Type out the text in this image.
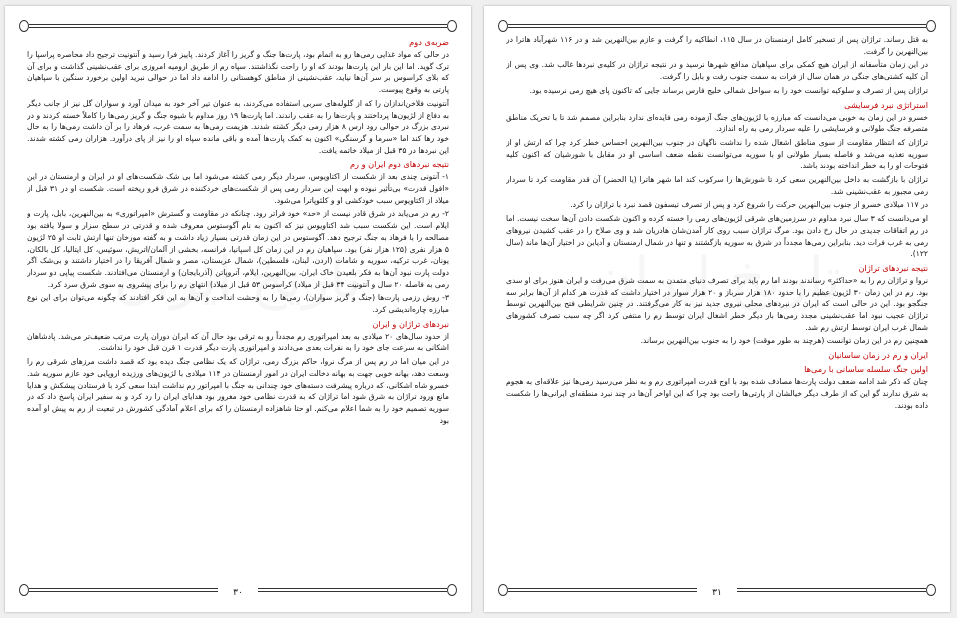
ضربه‌ی دوم

در حالی که مواد غذایی رمی‌ها رو به اتمام بود، پارت‌ها جنگ و گریز را آغاز کردند. پاییز فرا رسید و آنتونیت ترجیح داد محاصره پراسپا را ترک گوید. اما این بار این پارت‌ها بودند که او را راحت نگذاشتند. سپاه رم از طریق ارومیه امروزی برای عقب‌نشینی گذاشت و برای آن که بلای کراسوس بر سر آن‌ها نیاید، عقب‌نشینی از مناطق کوهستانی را ادامه داد اما در حوالی نبرید اولین برخورد سنگین با سپاهیان پارتی به وقوع پیوست.

آنتونیت فلاخن‌اندازان را که از گلوله‌های سربی استفاده می‌کردند، به عنوان تیر آخر خود به میدان آورد و سواران گل نیز از جانب دیگر به دفاع از لژیون‌ها پرداختند و پارت‌ها را به عقب راندند. اما پارت‌ها ۱۹ روز مداوم با شیوه جنگ و گریز رمی‌ها را کاملاً خسته کردند و در نبردی بزرگ در حوالی رود ارس ۸ هزار رمی دیگر کشته شدند. هزیمت رمی‌ها به سمت غرب، فرهاد را بر آن داشت رمی‌ها را به حال خود رها کند اما «سرما و گرسنگی» اکنون به کمک پارت‌ها آمده و باقی مانده سپاه او را نیز از پای درآورد. هزاران رمی کشته شدند. این نبردها در ۳۵ قبل از میلاد خاتمه یافت.

نتیجه نبردهای دوم ایران و رم

۱- آنتونی چندی بعد از شکست از اکتاویوس، سردار دیگر رمی کشته می‌شود اما بی شک شکست‌های او در ایران و ارمنستان در این «افول قدرت» بی‌تأثیر نبوده و ابهت این سردار رمی پس از شکست‌های خردکننده در شرق فرو ریخته است. شکست او در ۳۱ قبل از میلاد از اکتاویوس سبب خودکشی او و کلئوپاترا می‌شود.

۲- رم در می‌یابد در شرق قادر نیست از «حد» خود فراتر رود. چنانکه در مقاومت و گسترش «امپراتوری» به بین‌النهرین، بابل، پارت و ایلام است. این شکست سبب شد اکتاویوس نیز که اکنون به نام آگوستوس معروف شده و قدرتی در سطح سزار و سولا یافته بود مصالحه را با فرهاد به جنگ ترجیح دهد. آگوستوس در این زمان قدرتی بسیار زیاد داشت و به گفته مورخان تنها ارتش ثابت او ۲۵ لژیون ۵ هزار نفری (۱۲۵ هزار نفر) بود. سپاهیان رم در این زمان کل اسپانیا، فرانسه، بخشی از آلمان/اتریش، سوئیس، کل ایتالیا، کل بالکان، یونان، غرب ترکیه، سوریه و شامات (اردن، لبنان، فلسطین)، شمال عربستان، مصر و شمال آفریقا را در اختیار داشتند و بی‌شک اگر دولت پارت نبود آن‌ها به فکر بلعیدن خاک ایران، بین‌النهرین، ایلام، آتروپاتن (آذربایجان) و ارمنستان می‌افتادند. شکست پیاپی دو سردار رمی به فاصله ۲۰ سال و آنتونیت ۳۴ قبل از میلاد) کراسوس ۵۳ قبل از میلاد) انتهای رم را برای پیشروی به سوی شرق سرد کرد.

۳- روش رزمی پارت‌ها (جنگ و گریز سواران)، رمی‌ها را به وحشت انداخت و آن‌ها به این فکر افتادند که چگونه می‌توان برای این نوع مبارزه چاره‌اندیشی کرد.

نبردهای تراژان و ایران

از حدود سال‌های ۲۰ میلادی به بعد امپراتوری رم مجدداً رو به ترقی بود حال آن که ایران دوران پارت مرتب ضعیف‌تر می‌شد. پادشاهان اشکانی به سرعت جای خود را به نفرات بعدی می‌دادند و امپراتوری پارت دیگر قدرت ۱ قرن قبل خود را نداشت.

در این میان اما در رم پس از مرگ نروا، حاکم بزرگ رمی، تراژان که یک نظامی جنگ دیده بود که قصد داشت مرزهای شرقی رم را وسعت دهد، بهانه خوبی جهت به بهانه دخالت ایران در امور ارمنستان در ۱۱۴ میلادی با لژیون‌های ورزیده اروپایی خود عازم سوریه شد. خسرو شاه اشکانی، که درباره پیشرفت دسته‌های خود چندانی به جنگ با امپراتور رم نداشت ابتدا سعی کرد با فرستادن پیشکش و هدایا مانع ورود تراژان به شرق شود اما تراژان که به قدرت نظامی خود مغرور بود هدایای ایران را رد کرد و به سفیر ایران پاسخ داد که در سوریه تصمیم خود را به شما اعلام می‌کنم. او حتا شاهزاده ارمنستان را که برای اعلام آمادگی کشورش در تبعیت از رم به پیش او آمده بود

۳۰

به قتل رساند. تراژان پس از تسخیر کامل ارمنستان در سال ۱۱۵، انطاکیه را گرفت و عازم بین‌النهرین شد و در ۱۱۶ شهرآباد هاترا در بین‌النهرین را گرفت.

در این زمان متأسفانه از ایران هیچ کمکی برای سپاهیان مدافع شهرها نرسید و در نتیجه تراژان در کلیه‌ی نبردها غالب شد. وی پس از آن کلیه کشتی‌های جنگی در همان سال از فرات به سمت جنوب رفت و بابل را گرفت.

تراژان پس از تصرف و سلوکیه توانست خود را به سواحل شمالی خلیج فارس برساند جایی که تاکنون پای هیچ رمی نرسیده بود.

استراتژی نبرد فرسایشی

خسرو در این زمان به خوبی می‌دانست که مبارزه با لژیون‌های جنگ آزموده رمی فایده‌ای ندارد بنابراین مصمم شد تا با تحریک مناطق متصرفه جنگ طولانی و فرسایشی را علیه سردار رمی به راه اندازد.

تراژان که انتظار مقاومت از سوی مناطق اشغال شده را نداشت ناگهان در جنوب بین‌النهرین احساس خطر کرد چرا که ارتش او از سوریه تغذیه می‌شد و فاصله بسیار طولانی او با سوریه می‌توانست نقطه ضعف اساسی او در مقابل با شورشیان که اکنون کلیه فتوحات او را به خطر انداخته بودند باشد.

تراژان با بازگشت به داخل بین‌النهرین سعی کرد تا شورش‌ها را سرکوب کند اما شهر هاترا (یا الحضر) آن قدر مقاومت کرد تا سردار رمی مجبور به عقب‌نشینی شد.

در ۱۱۷ میلادی خسرو از جنوب بین‌النهرین حرکت را شروع کرد و پس از تصرف تیسفون قصد نبرد با تراژان را کرد.

او می‌دانست که ۳ سال نبرد مداوم در سرزمین‌های شرقی لژیون‌های رمی را خسته کرده و اکنون شکست دادن آن‌ها سخت نیست. اما در رم اتفاقات جدیدی در حال رخ دادن بود. مرگ تراژان سبب روی کار آمدن‌شان هادریان شد و وی صلاح را در عقب کشیدن نیروهای رمی به غرب فرات دید. بنابراین رمی‌ها مجدداً در شرق به سوریه بازگشتند و تنها در شمال ارمنستان و آدیابن در اختیار آن‌ها ماند (سال ۱۲۲).

نتیجه نبردهای تراژان

نروا و تراژان رم را به «حداکثر» رساندند بودند اما رم باید برای تصرف دنیای متمدن به سمت شرق می‌رفت و ایران هنوز برای او سدی بود. رم در این زمان ۳۰ لژیون عظیم را با حدود ۱۸۰ هزار سرباز و ۲۰ هزار سوار در اختیار داشت که قدرت هر کدام از آن‌ها برابر سه جنگجو بود. این در حالی است که ایران در نبردهای محلی نیروی جدید نیز به کار می‌گرفتند. در چنین شرایطی فتح بین‌النهرین توسط تراژان عجیب نبود اما عقب‌نشینی مجدد رمی‌ها بار دیگر خطر اشغال ایران توسط رم را منتفی کرد اگر چه سبب تصرف کشورهای شمال غرب ایران توسط ارتش رم شد.

همچنین رم در این زمان توانست (هرچند به طور موقت) خود را به جنوب بین‌النهرین برساند.

ایران و رم در زمان ساسانیان
اولین جنگ سلسله ساسانی با رمی‌ها

چنان که ذکر شد ادامه ضعف دولت پارت‌ها مصادف شده بود با اوج قدرت امپراتوری رم و به نظر می‌رسید رمی‌ها نیز علاقه‌ای به هجوم به شرق ندارند گو این که از طرف دیگر خیالشان از پارتی‌ها راحت بود چرا که این اواخر آن‌ها در چند نبرد منطقه‌ای ایرانی‌ها را شکست داده بودند.

۳۱
